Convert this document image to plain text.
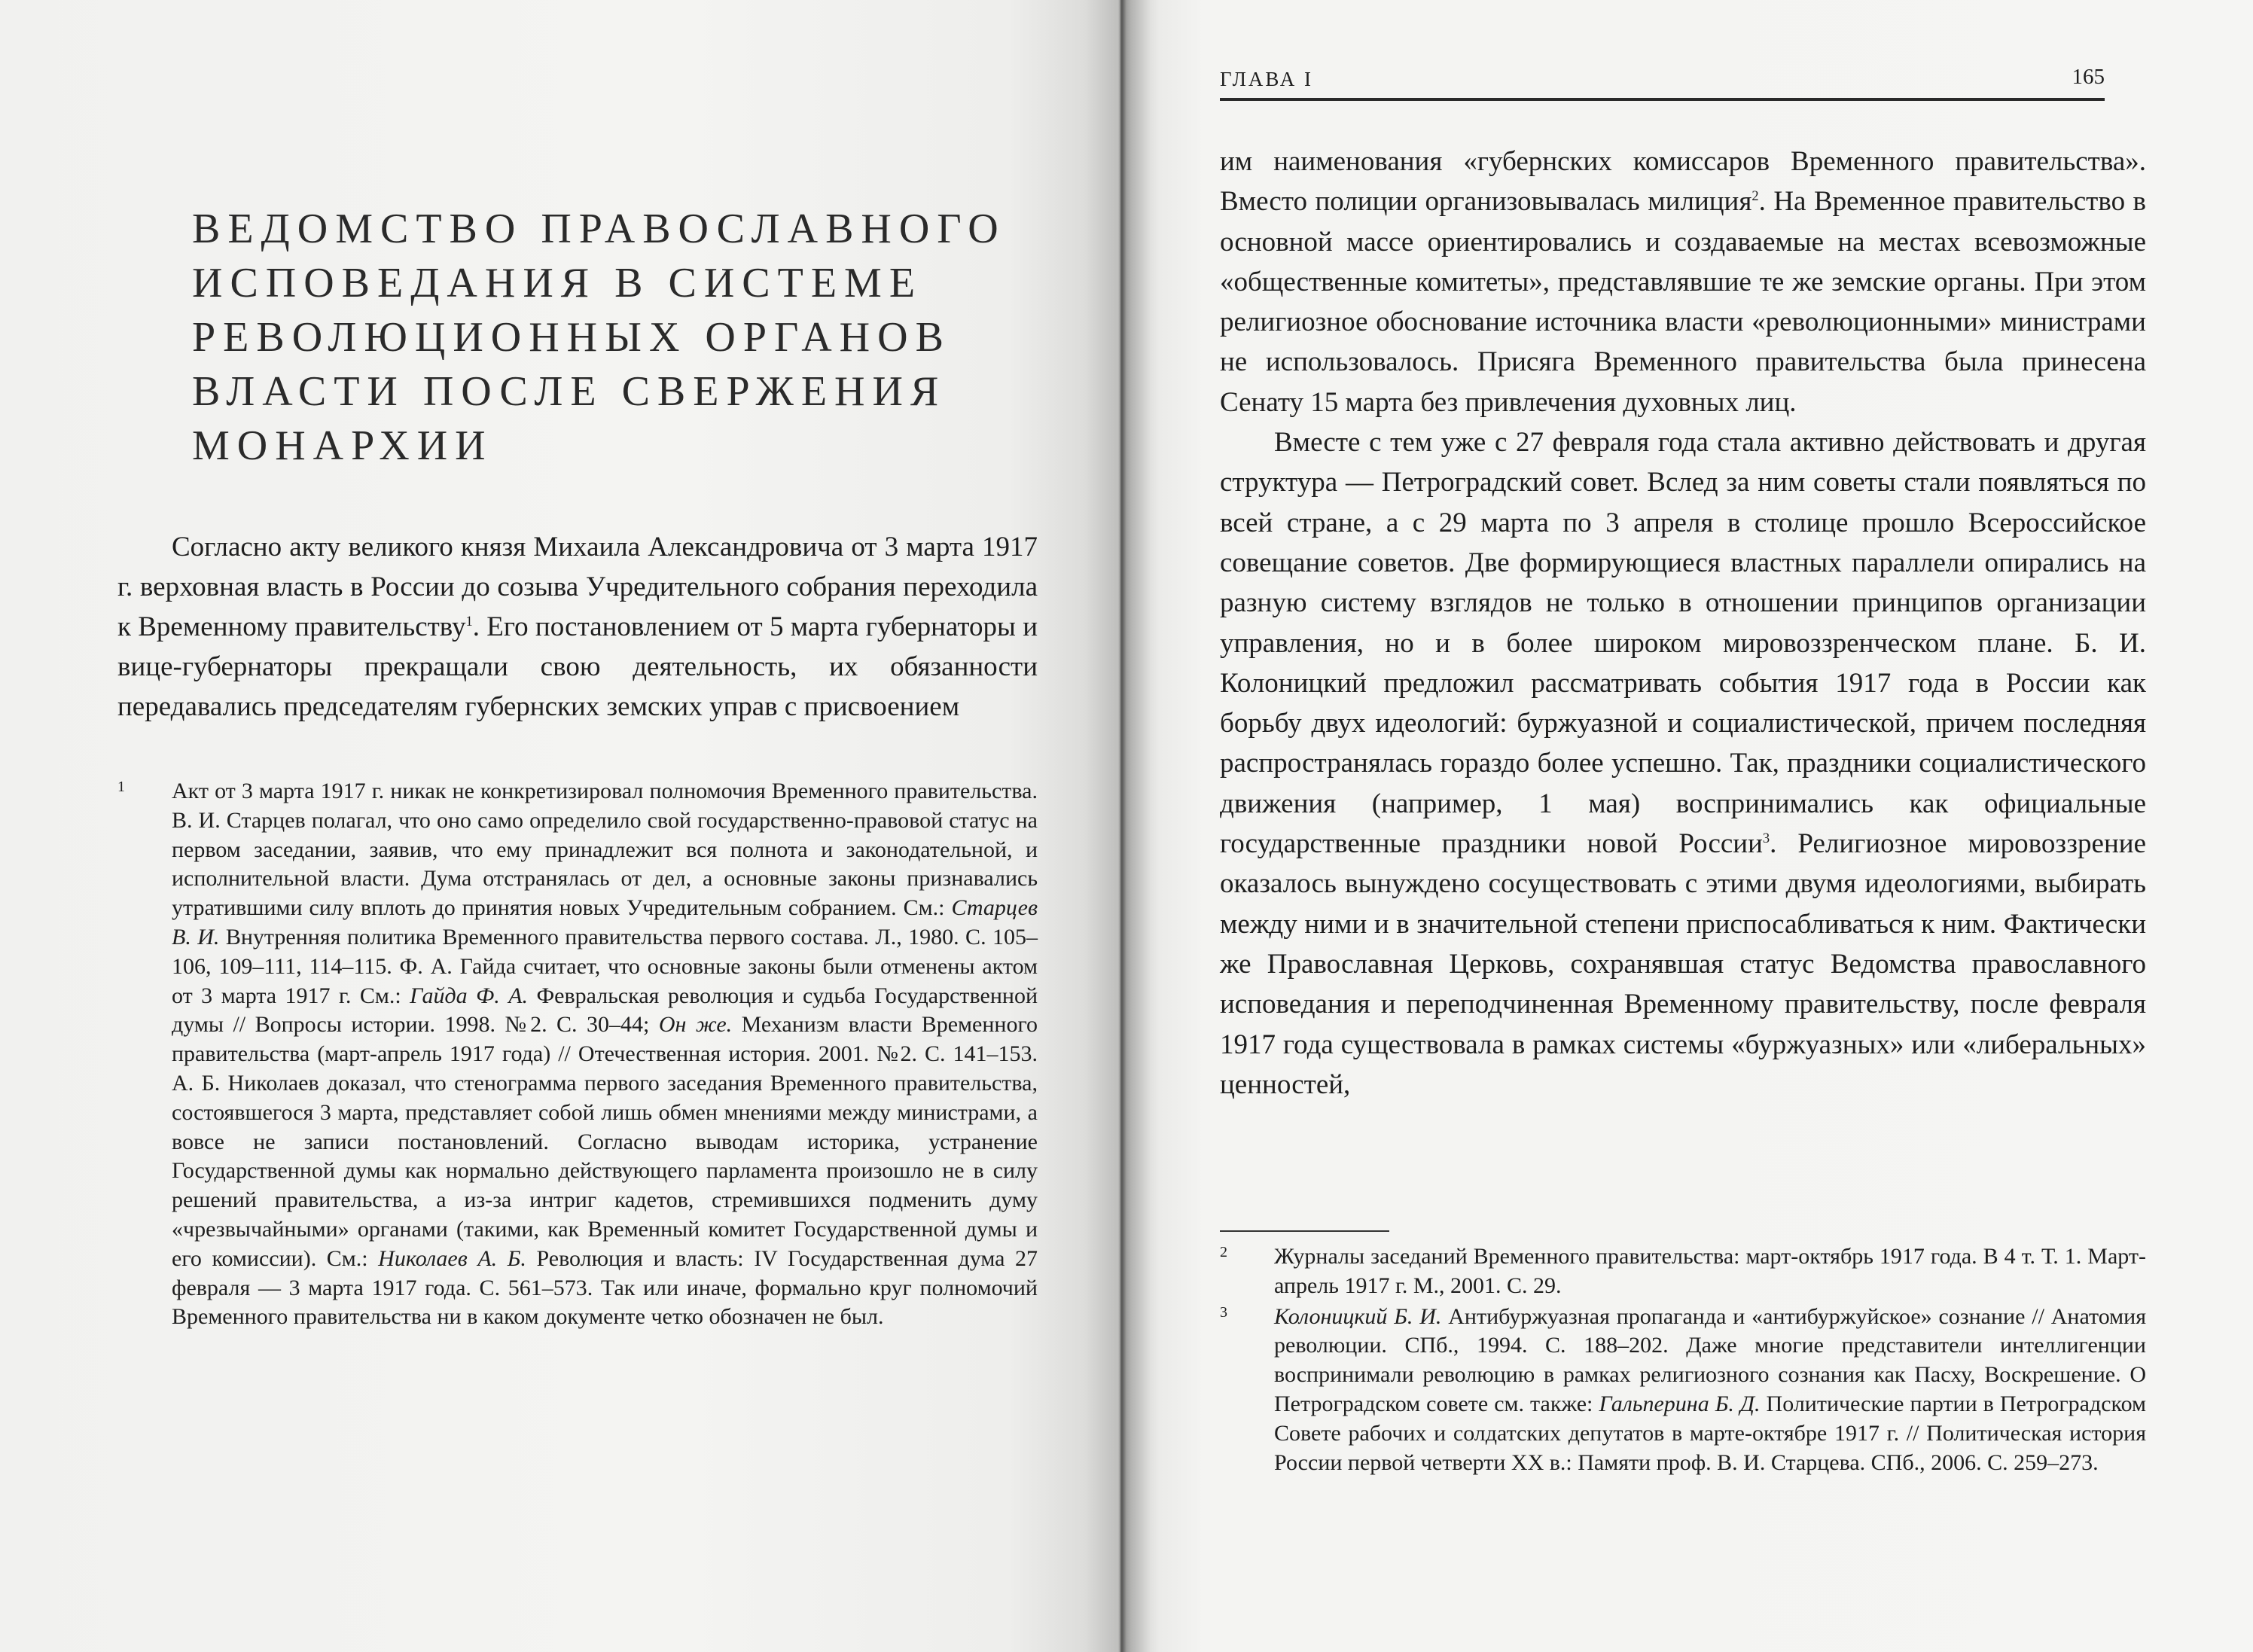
ВЕДОМСТВО ПРАВОСЛАВНОГО
ИСПОВЕДАНИЯ В СИСТЕМЕ
РЕВОЛЮЦИОННЫХ ОРГАНОВ
ВЛАСТИ ПОСЛЕ СВЕРЖЕНИЯ
МОНАРХИИ

Согласно акту великого князя Михаила Александровича от 3 марта 1917 г. верховная власть в России до созыва Учредительного собрания переходила к Временному правительству$^1$. Его постановлением от 5 марта губернаторы и вице-губернаторы прекращали свою деятельность, их обязанности передавались председателям губернских земских управ с присвоением

1	Акт от 3 марта 1917 г. никак не конкретизировал полномочия Временного правительства. В. И. Старцев полагал, что оно само определило свой государственно-правовой статус на первом заседании, заявив, что ему принадлежит вся полнота и законодательной, и исполнительной власти. Дума отстранялась от дел, а основные законы признавались утратившими силу вплоть до принятия новых Учредительным собранием. См.: Старцев В. И. Внутренняя политика Временного правительства первого состава. Л., 1980. С. 105–106, 109–111, 114–115. Ф. А. Гайда считает, что основные законы были отменены актом от 3 марта 1917 г. См.: Гайда Ф. А. Февральская революция и судьба Государственной думы // Вопросы истории. 1998. №2. С. 30–44; Он же. Механизм власти Временного правительства (март-апрель 1917 года) // Отечественная история. 2001. №2. С. 141–153. А. Б. Николаев доказал, что стенограмма первого заседания Временного правительства, состоявшегося 3 марта, представляет собой лишь обмен мнениями между министрами, а вовсе не записи постановлений. Согласно выводам историка, устранение Государственной думы как нормально действующего парламента произошло не в силу решений правительства, а из-за интриг кадетов, стремившихся подменить думу «чрезвычайными» органами (такими, как Временный комитет Государственной думы и его комиссии). См.: Николаев А. Б. Революция и власть: IV Государственная дума 27 февраля — 3 марта 1917 года. С. 561–573. Так или иначе, формально круг полномочий Временного правительства ни в каком документе четко обозначен не был.
ГЛАВА I	165

им наименования «губернских комиссаров Временного правительства». Вместо полиции организовывалась милиция$^2$. На Временное правительство в основной массе ориентировались и создаваемые на местах всевозможные «общественные комитеты», представлявшие те же земские органы. При этом религиозное обоснование источника власти «революционными» министрами не использовалось. Присяга Временного правительства была принесена Сенату 15 марта без привлечения духовных лиц.

Вместе с тем уже с 27 февраля года стала активно действовать и другая структура — Петроградский совет. Вслед за ним советы стали появляться по всей стране, а с 29 марта по 3 апреля в столице прошло Всероссийское совещание советов. Две формирующиеся властных параллели опирались на разную систему взглядов не только в отношении принципов организации управления, но и в более широком мировоззренческом плане. Б. И. Колоницкий предложил рассматривать события 1917 года в России как борьбу двух идеологий: буржуазной и социалистической, причем последняя распространялась гораздо более успешно. Так, праздники социалистического движения (например, 1 мая) воспринимались как официальные государственные праздники новой России$^3$. Религиозное мировоззрение оказалось вынуждено сосуществовать с этими двумя идеологиями, выбирать между ними и в значительной степени приспосабливаться к ним. Фактически же Православная Церковь, сохранявшая статус Ведомства православного исповедания и переподчиненная Временному правительству, после февраля 1917 года существовала в рамках системы «буржуазных» или «либеральных» ценностей,

2	Журналы заседаний Временного правительства: март-октябрь 1917 года. В 4 т. Т. 1. Март-апрель 1917 г. М., 2001. С. 29.
3	Колоницкий Б. И. Антибуржуазная пропаганда и «антибуржуйское» сознание // Анатомия революции. СПб., 1994. С. 188–202. Даже многие представители интеллигенции воспринимали революцию в рамках религиозного сознания как Пасху, Воскрешение. О Петроградском совете см. также: Гальперина Б. Д. Политические партии в Петроградском Совете рабочих и солдатских депутатов в марте-октябре 1917 г. // Политическая история России первой четверти XX в.: Памяти проф. В. И. Старцева. СПб., 2006. С. 259–273.
